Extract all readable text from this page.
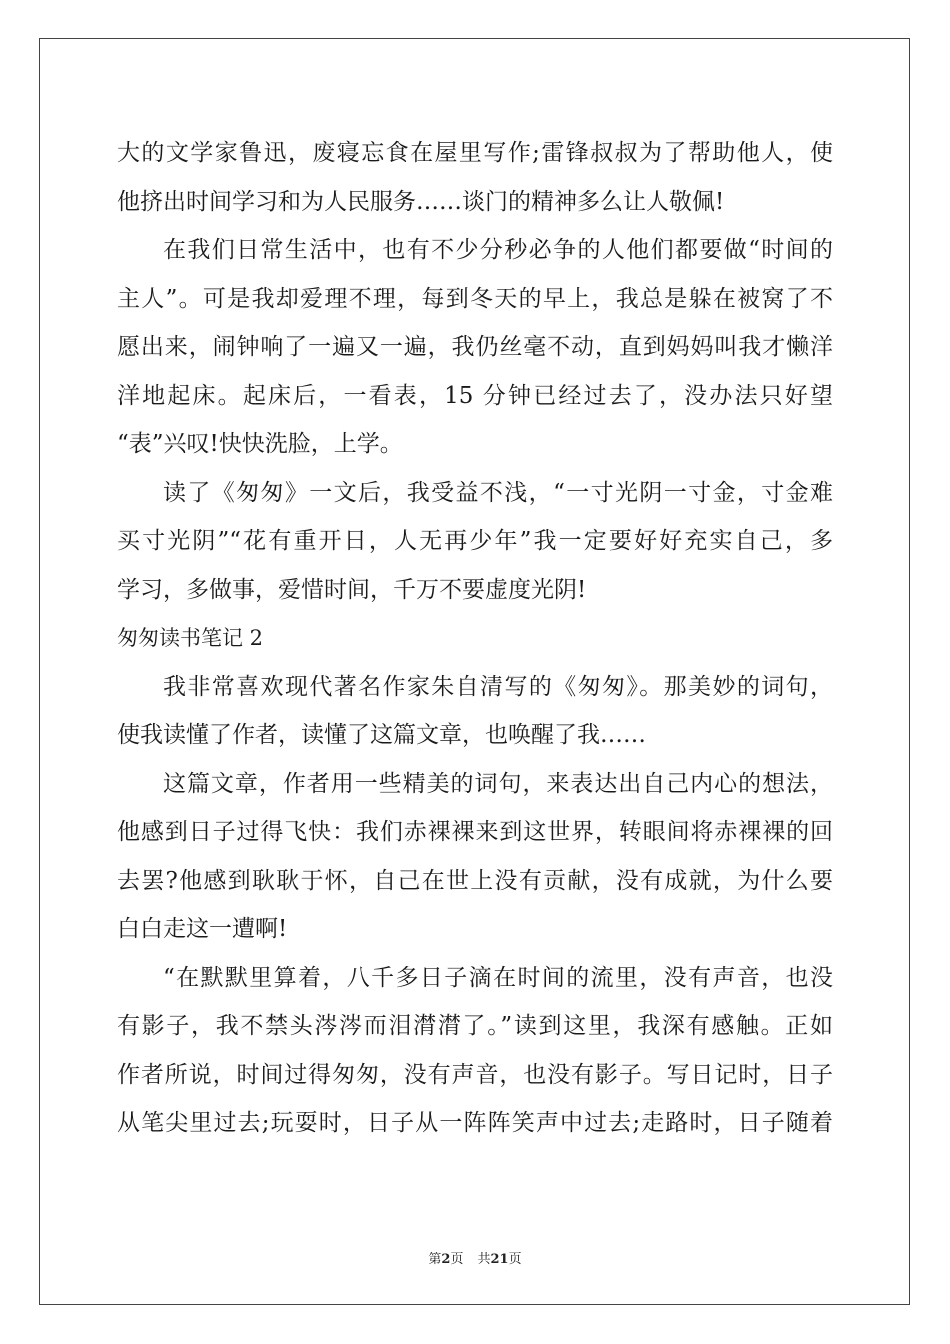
大的文学家鲁迅，废寝忘食在屋里写作;雷锋叔叔为了帮助他人，使
他挤出时间学习和为人民服务……谈门的精神多么让人敬佩!
在我们日常生活中，也有不少分秒必争的人他们都要做“时间的
主人”。可是我却爱理不理，每到冬天的早上，我总是躲在被窝了不
愿出来，闹钟响了一遍又一遍，我仍丝毫不动，直到妈妈叫我才懒洋
洋地起床。起床后，一看表，15 分钟已经过去了，没办法只好望
“表”兴叹!快快洗脸，上学。
读了《匆匆》一文后，我受益不浅，“一寸光阴一寸金，寸金难
买寸光阴”“花有重开日，人无再少年”我一定要好好充实自己，多
学习，多做事，爱惜时间，千万不要虚度光阴!
匆匆读书笔记 2
我非常喜欢现代著名作家朱自清写的《匆匆》。那美妙的词句，
使我读懂了作者，读懂了这篇文章，也唤醒了我……
这篇文章，作者用一些精美的词句，来表达出自己内心的想法，
他感到日子过得飞快：我们赤裸裸来到这世界，转眼间将赤裸裸的回
去罢?他感到耿耿于怀，自己在世上没有贡献，没有成就，为什么要
白白走这一遭啊!
“在默默里算着，八千多日子滴在时间的流里，没有声音，也没
有影子，我不禁头涔涔而泪潸潸了。”读到这里，我深有感触。正如
作者所说，时间过得匆匆，没有声音，也没有影子。写日记时，日子
从笔尖里过去;玩耍时，日子从一阵阵笑声中过去;走路时，日子随着
第2页 共21页
